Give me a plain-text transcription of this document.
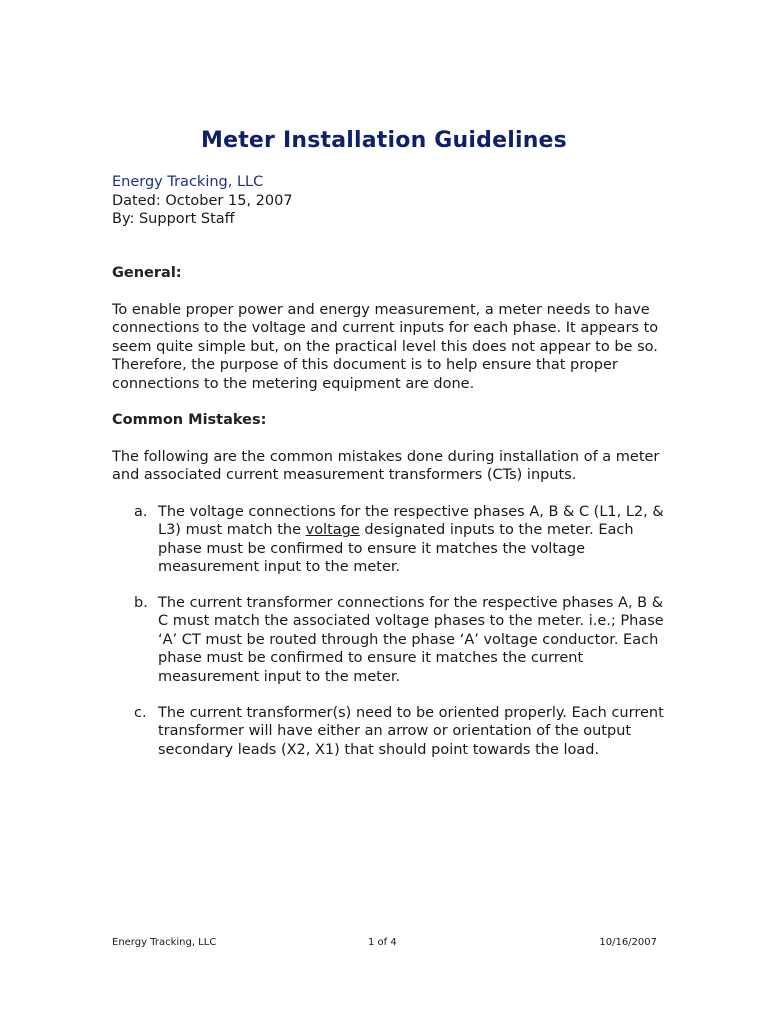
Meter Installation Guidelines
Energy Tracking, LLC
Dated: October 15, 2007
By: Support Staff
General:
To enable proper power and energy measurement, a meter needs to have connections to the voltage and current inputs for each phase. It appears to seem quite simple but, on the practical level this does not appear to be so. Therefore, the purpose of this document is to help ensure that proper connections to the metering equipment are done.
Common Mistakes:
The following are the common mistakes done during installation of a meter and associated current measurement transformers (CTs) inputs.
a. The voltage connections for the respective phases A, B & C (L1, L2, & L3) must match the voltage designated inputs to the meter. Each phase must be confirmed to ensure it matches the voltage measurement input to the meter.
b. The current transformer connections for the respective phases A, B & C must match the associated voltage phases to the meter. i.e.; Phase ‘A’ CT must be routed through the phase ‘A’ voltage conductor. Each phase must be confirmed to ensure it matches the current measurement input to the meter.
c. The current transformer(s) need to be oriented properly. Each current transformer will have either an arrow or orientation of the output secondary leads (X2, X1) that should point towards the load.
Energy Tracking, LLC	1 of 4	10/16/2007
